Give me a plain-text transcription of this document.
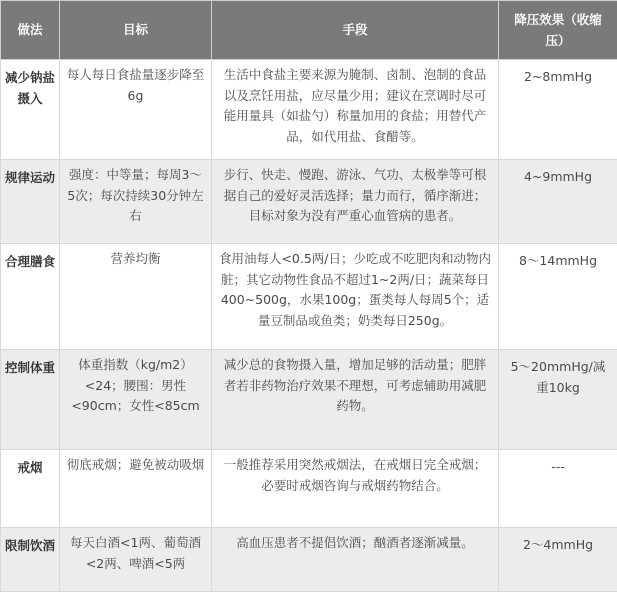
做法	目标	手段	降压效果（收缩压）
减少钠盐摄入	每人每日食盐量逐步降至6g	生活中食盐主要来源为腌制、卤制、泡制的食品以及烹饪用盐，应尽量少用；建议在烹调时尽可能用量具（如盐勺）称量加用的食盐；用替代产品，如代用盐、食醋等。	2~8mmHg
规律运动	强度：中等量；每周3～5次；每次持续30分钟左右	步行、快走、慢跑、游泳、气功、太极拳等可根据自己的爱好灵活选择；量力而行，循序渐进；目标对象为没有严重心血管病的患者。	4~9mmHg
合理膳食	营养均衡	食用油每人<0.5两/日；少吃或不吃肥肉和动物内脏；其它动物性食品不超过1~2两/日；蔬菜每日400~500g，水果100g；蛋类每人每周5个；适量豆制品或鱼类；奶类每日250g。	8～14mmHg
控制体重	体重指数（kg/m2）<24；腰围：男性<90cm；女性<85cm	减少总的食物摄入量，增加足够的活动量；肥胖者若非药物治疗效果不理想，可考虑辅助用减肥药物。	5～20mmHg/减重10kg
戒烟	彻底戒烟；避免被动吸烟	一般推荐采用突然戒烟法，在戒烟日完全戒烟；必要时戒烟咨询与戒烟药物结合。	---
限制饮酒	每天白酒<1两、葡萄酒<2两、啤酒<5两	高血压患者不提倡饮酒；酗酒者逐渐减量。	2～4mmHg
